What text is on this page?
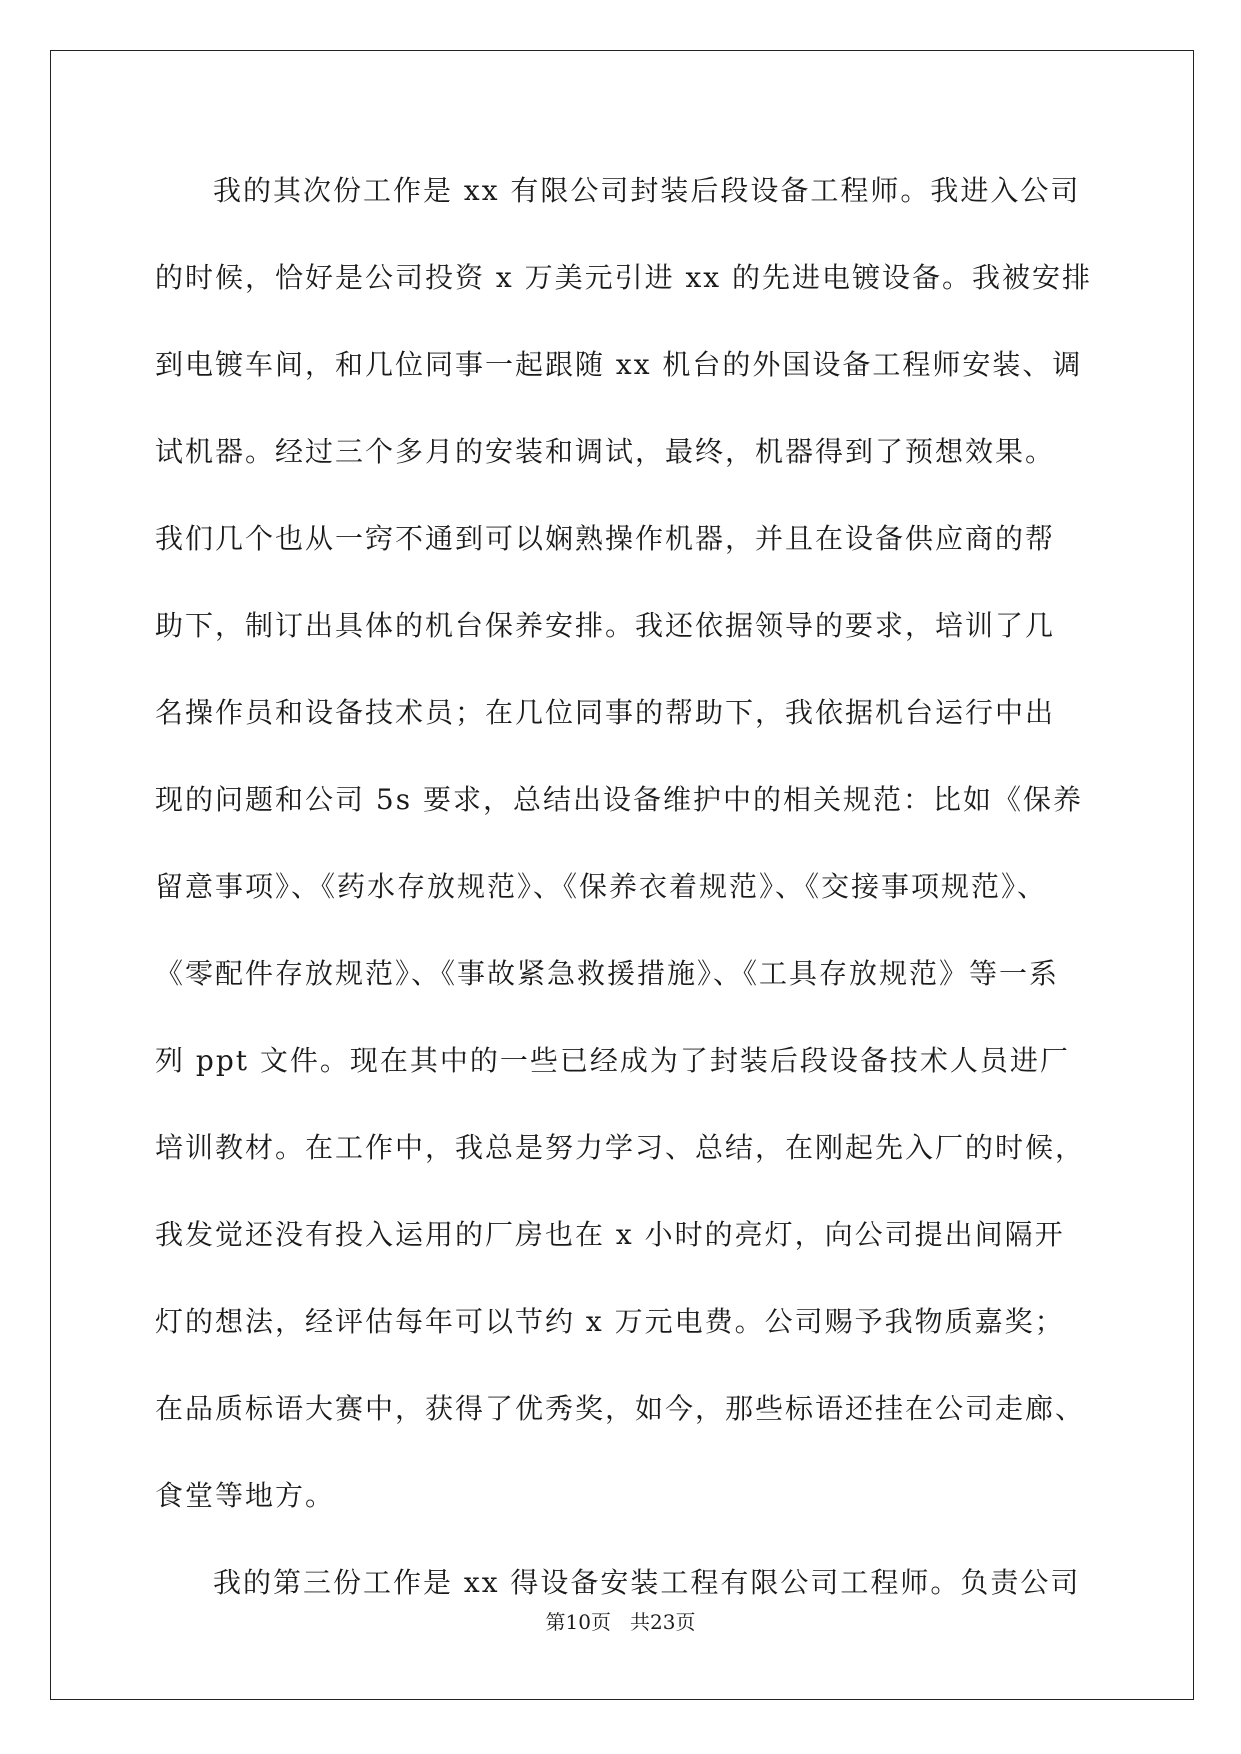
我的其次份工作是 xx 有限公司封装后段设备工程师。我进入公司
的时候，恰好是公司投资 x 万美元引进 xx 的先进电镀设备。我被安排
到电镀车间，和几位同事一起跟随 xx 机台的外国设备工程师安装、调
试机器。经过三个多月的安装和调试，最终，机器得到了预想效果。
我们几个也从一窍不通到可以娴熟操作机器，并且在设备供应商的帮
助下，制订出具体的机台保养安排。我还依据领导的要求，培训了几
名操作员和设备技术员；在几位同事的帮助下，我依据机台运行中出
现的问题和公司 5s 要求，总结出设备维护中的相关规范：比如《保养
留意事项》、《药水存放规范》、《保养衣着规范》、《交接事项规范》、
《零配件存放规范》、《事故紧急救援措施》、《工具存放规范》等一系
列 ppt 文件。现在其中的一些已经成为了封装后段设备技术人员进厂
培训教材。在工作中，我总是努力学习、总结，在刚起先入厂的时候，
我发觉还没有投入运用的厂房也在 x 小时的亮灯，向公司提出间隔开
灯的想法，经评估每年可以节约 x 万元电费。公司赐予我物质嘉奖；
在品质标语大赛中，获得了优秀奖，如今，那些标语还挂在公司走廊、
食堂等地方。
我的第三份工作是 xx 得设备安装工程有限公司工程师。负责公司
第10页 共23页
